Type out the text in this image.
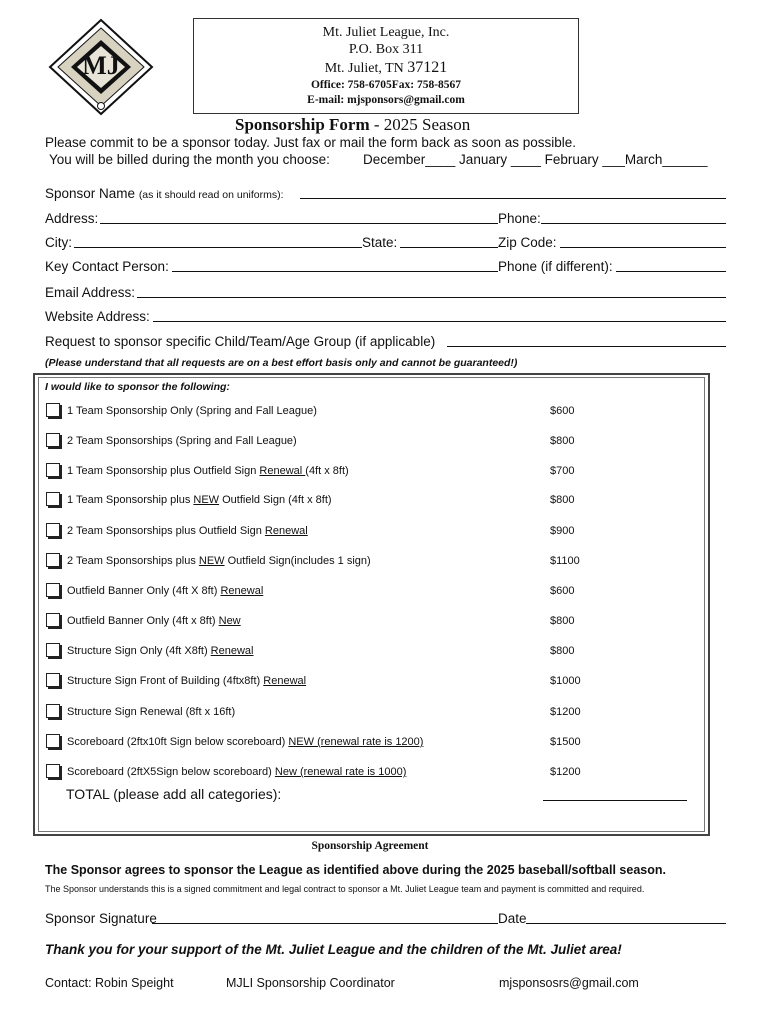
MJ
Mt. Juliet League, Inc.
P.O. Box 311
Mt. Juliet, TN 37121
Office: 758-6705Fax: 758-8567
E-mail: mjsponsors@gmail.com
Sponsorship Form - 2025 Season
Please commit to be a sponsor today. Just fax or mail the form back as soon as possible.
You will be billed during the month you choose: December____ January ____ February ___March______
Sponsor Name (as it should read on uniforms):
Address:	Phone:
City:	State:	Zip Code:
Key Contact Person:	Phone (if different):
Email Address:
Website Address:
Request to sponsor specific Child/Team/Age Group (if applicable)
(Please understand that all requests are on a best effort basis only and cannot be guaranteed!)
I would like to sponsor the following:
1 Team Sponsorship Only (Spring and Fall League)	$600
2 Team Sponsorships (Spring and Fall League)	$800
1 Team Sponsorship plus Outfield Sign Renewal (4ft x 8ft)	$700
1 Team Sponsorship plus NEW Outfield Sign (4ft x 8ft)	$800
2 Team Sponsorships plus Outfield Sign Renewal	$900
2 Team Sponsorships plus NEW Outfield Sign(includes 1 sign)	$1100
Outfield Banner Only (4ft X 8ft) Renewal	$600
Outfield Banner Only (4ft x 8ft) New	$800
Structure Sign Only (4ft X8ft) Renewal	$800
Structure Sign Front of Building (4ftx8ft) Renewal	$1000
Structure Sign Renewal (8ft x 16ft)	$1200
Scoreboard (2ftx10ft Sign below scoreboard) NEW (renewal rate is 1200)	$1500
Scoreboard (2ftX5Sign below scoreboard) New (renewal rate is 1000)	$1200
TOTAL (please add all categories):
Sponsorship Agreement
The Sponsor agrees to sponsor the League as identified above during the 2025 baseball/softball season.
The Sponsor understands this is a signed commitment and legal contract to sponsor a Mt. Juliet League team and payment is committed and required.
Sponsor Signature	Date
Thank you for your support of the Mt. Juliet League and the children of the Mt. Juliet area!
Contact: Robin Speight	MJLI Sponsorship Coordinator	mjsponsosrs@gmail.com
